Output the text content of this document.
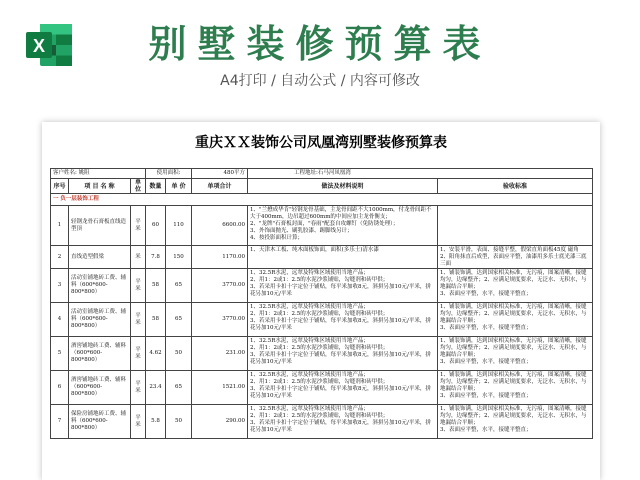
X	别墅装修预算表
A4打印 / 自动公式 / 内容可修改
重庆ＸＸ装饰公司凤凰湾别墅装修预算表
客户姓名: 姚阻			使用面积:		480平方	工程地址:石马河凤凰湾	
序号	项 目 名 称	单位	数量	单 价	单项合计	做法及材料说明	验收标准
一 负一层装饰工程							
1	轻钢龙骨石膏板直线造型顶	平米	60	110	6600.00	1、"兰懋成华肯"轻钢龙骨基础，主龙骨间距不大1000mm，付龙骨间距不大于400mm，边吊超过600mm的中间应加主龙骨衡支；
2、"龙牌"石膏板封面，"春雨"配套自攻螺钉（免防锈处理）；
3、外饰面抛光、刷乳胶漆、踢脚线另计；
4、按投影面积计算；	
2	直线造型假梁	米	7.8	150	1170.00	1、天津木工板、纯木面板饰面，面积(多乐士)清水漆	1、安装平滑，表面、接缝平整，假梁直角面板45度 磁角
2、阳角抹直后成型，表面应平整，油漆用多乐士底光漆三底三面
3	活动室铺地砖工费、辅料（600*600-800*800）	平米	58	65	3770.00	1、32.5R水泥，远翠及特殊区域使用当地产品；
2、用1：2或1：2.5的水泥沙浆铺贴，勾缝剂和砖甲供；
3、若采用卡扣十字定位于铺贴，每平米加收8元，斜拼另加10元/平米，拼花另加10元/平米	1、铺装饰满，达到国家相关标准，无污痕，图案清晰，接缝均匀，边缘整齐；2、应满足规度要求，无泛水、无积水，与地漏结合平顺；
3、表面应平整，水平，接缝平整直；
4	活动室铺地砖工费、辅料（600*600-800*800）	平米	58	65	3770.00	1、32.5R水泥，远翠及特殊区域使用当地产品；
2、用1：2或1：2.5的水泥沙浆铺贴，勾缝剂和砖甲供；
3、若采用卡扣十字定位于铺贴，每平米加收8元，斜拼另加10元/平米，拼花另加10元/平米	1、铺装饰满，达到国家相关标准，无污痕，图案清晰，接缝均匀，边缘整齐；2、应满足规度要求，无泛水、无积水，与地漏结合平顺；
3、表面应平整，水平，接缝平整直；
5	酒窖铺地砖工费、辅料（600*600-800*800）	平米	4.62	50	231.00	1、32.5R水泥，远翠及特殊区域使用当地产品；
2、用1：2或1：2.5的水泥沙浆铺贴，勾缝剂和砖甲供；
3、若采用卡扣十字定位于铺贴，每平米加收8元，斜拼另加10元/平米，拼花另加10元/平米	1、铺装饰满，达到国家相关标准，无污痕，图案清晰，接缝均匀，边缘整齐；2、应满足规度要求，无泛水、无积水，与地漏结合平顺；
3、表面应平整，水平，接缝平整直；
6	酒窖铺地砖工费、辅料（600*600-800*800）	平米	23.4	65	1521.00	1、32.5R水泥，远翠及特殊区域使用当地产品；
2、用1：2或1：2.5的水泥沙浆铺贴，勾缝剂和砖甲供；
3、若采用卡扣十字定位于铺贴，每平米加收8元，斜拼另加10元/平米，拼花另加10元/平米	1、铺装饰满，达到国家相关标准，无污痕，图案清晰，接缝均匀，边缘整齐；2、应满足规度要求，无泛水、无积水，与地漏结合平顺；
3、表面应平整，水平，接缝平整直；
7	保险房铺地砖工费、辅料（600*600-800*800）	平米	5.8	50	290.00	1、32.5R水泥，远翠及特殊区域使用当地产品；
2、用1：2或1：2.5的水泥沙浆铺贴，勾缝剂和砖甲供；
3、若采用卡扣十字定位于铺贴，每平米加收8元，斜拼另加10元/平米，拼花另加10元/平米	1、铺装饰满，达到国家相关标准，无污痕，图案清晰，接缝均匀，边缘整齐；2、应满足规度要求，无泛水、无积水，与地漏结合平顺；
3、表面应平整，水平，接缝平整直；
